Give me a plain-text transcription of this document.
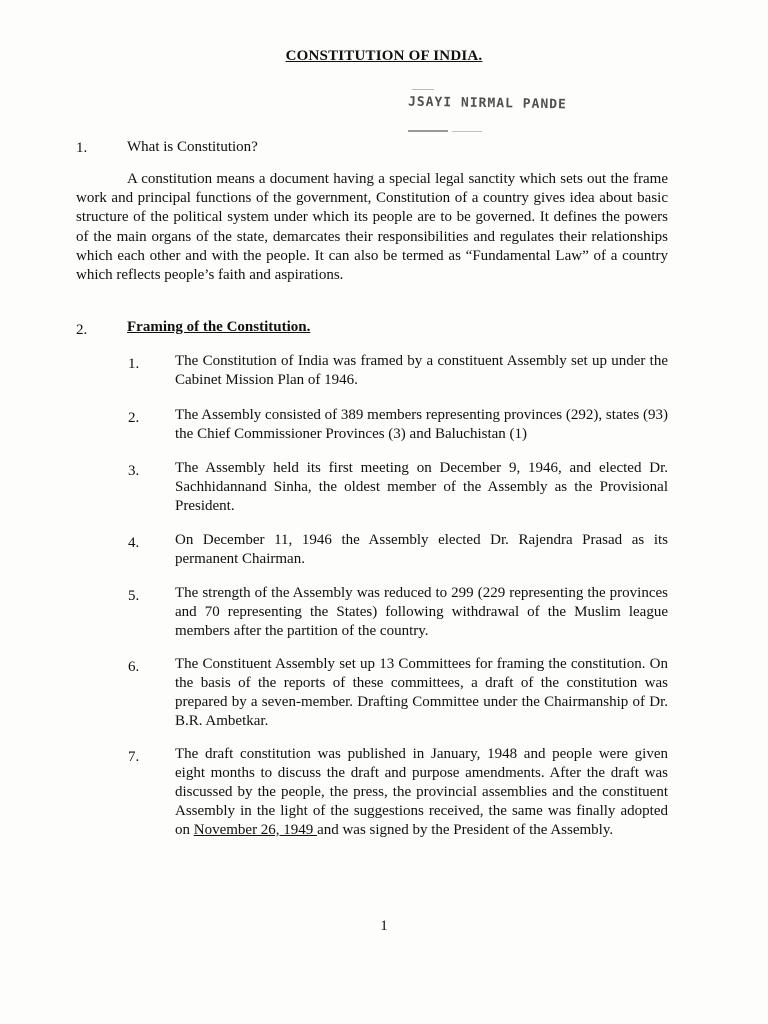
CONSTITUTION OF INDIA.
JSAYI NIRMAL PANDE
1.	What is Constitution?
A constitution means a document having a special legal sanctity which sets out the frame work and principal functions of the government, Constitution of a country gives idea about basic structure of the political system under which its people are to be governed. It defines the powers of the main organs of the state, demarcates their responsibilities and regulates their relationships which each other and with the people. It can also be termed as “Fundamental Law” of a country which reflects people’s faith and aspirations.
2.	Framing of the Constitution.
1. The Constitution of India was framed by a constituent Assembly set up under the Cabinet Mission Plan of 1946.
2. The Assembly consisted of 389 members representing provinces (292), states (93) the Chief Commissioner Provinces (3) and Baluchistan (1)
3. The Assembly held its first meeting on December 9, 1946, and elected Dr. Sachhidannand Sinha, the oldest member of the Assembly as the Provisional President.
4. On December 11, 1946 the Assembly elected Dr. Rajendra Prasad as its permanent Chairman.
5. The strength of the Assembly was reduced to 299 (229 representing the provinces and 70 representing the States) following withdrawal of the Muslim league members after the partition of the country.
6. The Constituent Assembly set up 13 Committees for framing the constitution. On the basis of the reports of these committees, a draft of the constitution was prepared by a seven-member. Drafting Committee under the Chairmanship of Dr. B.R. Ambetkar.
7. The draft constitution was published in January, 1948 and people were given eight months to discuss the draft and purpose amendments. After the draft was discussed by the people, the press, the provincial assemblies and the constituent Assembly in the light of the suggestions received, the same was finally adopted on November 26, 1949 and was signed by the President of the Assembly.
1
